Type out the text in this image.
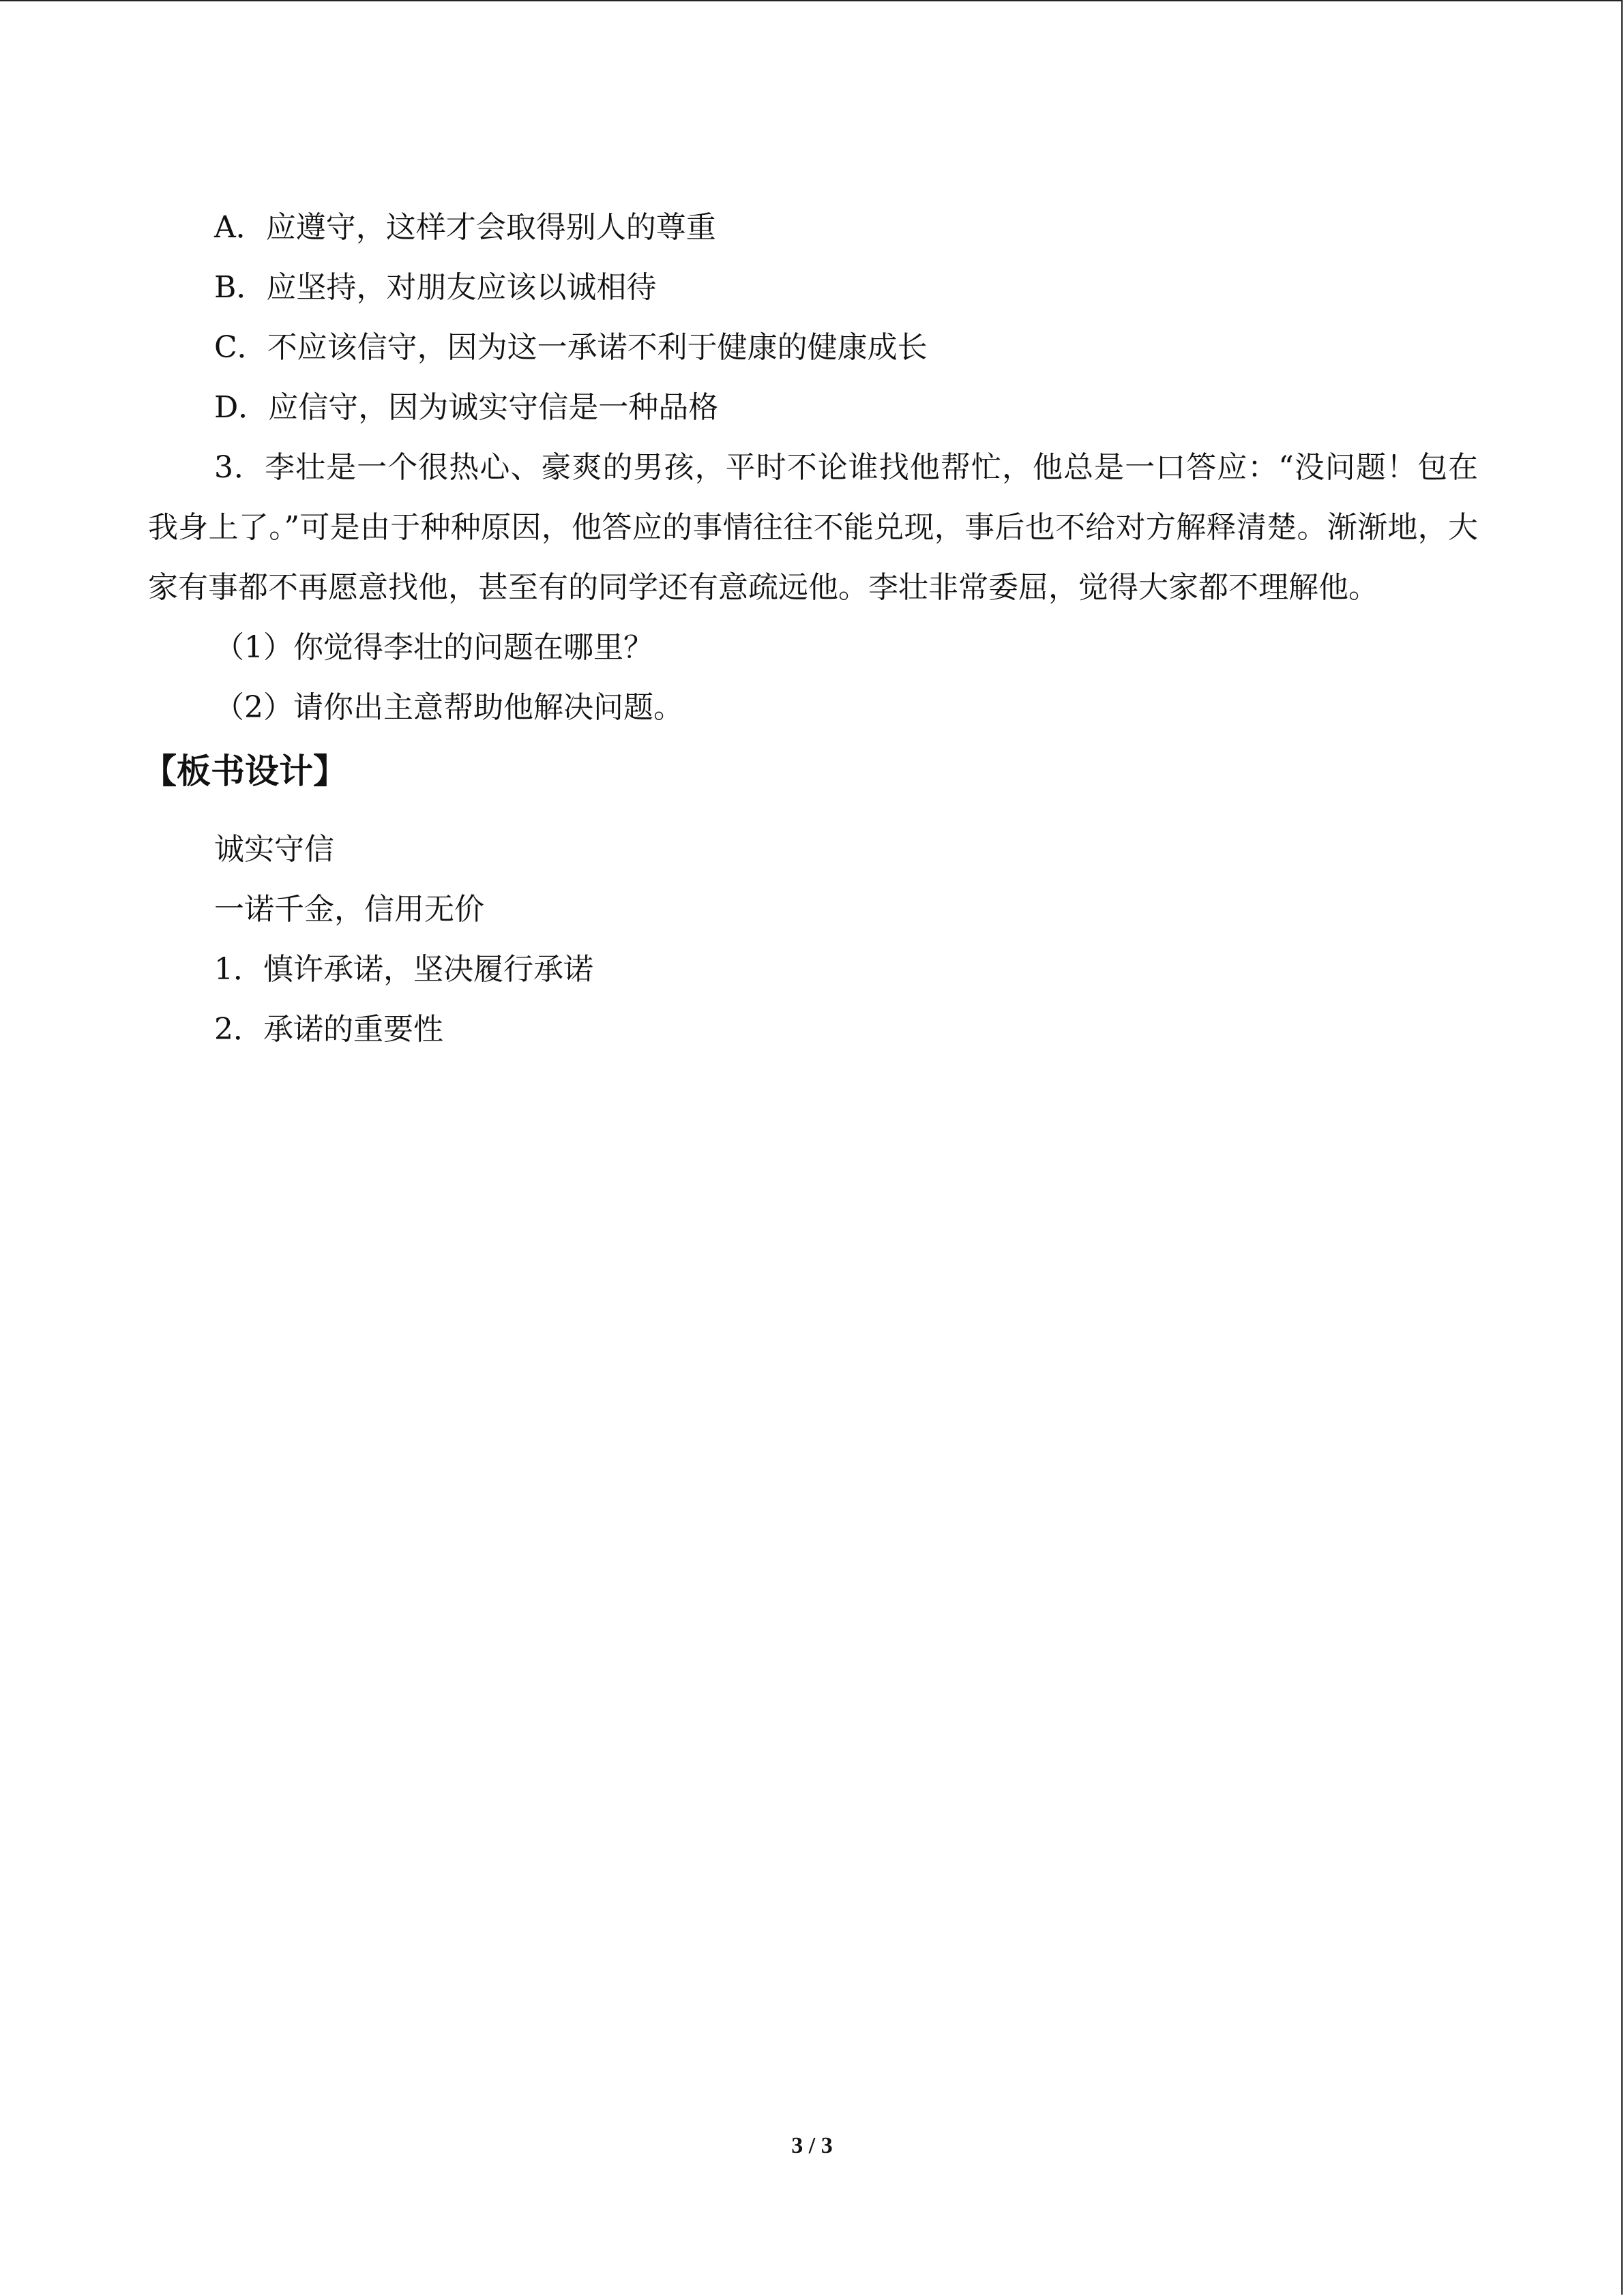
A．应遵守，这样才会取得别人的尊重
B．应坚持，对朋友应该以诚相待
C．不应该信守，因为这一承诺不利于健康的健康成长
D．应信守，因为诚实守信是一种品格
3．李壮是一个很热心、豪爽的男孩，平时不论谁找他帮忙，他总是一口答应：“没问题！包在我身上了。”可是由于种种原因，他答应的事情往往不能兑现，事后也不给对方解释清楚。渐渐地，大家有事都不再愿意找他，甚至有的同学还有意疏远他。李壮非常委屈，觉得大家都不理解他。
（1）你觉得李壮的问题在哪里？
（2）请你出主意帮助他解决问题。
【板书设计】
诚实守信
一诺千金，信用无价
1．慎许承诺，坚决履行承诺
2．承诺的重要性
3 / 3
